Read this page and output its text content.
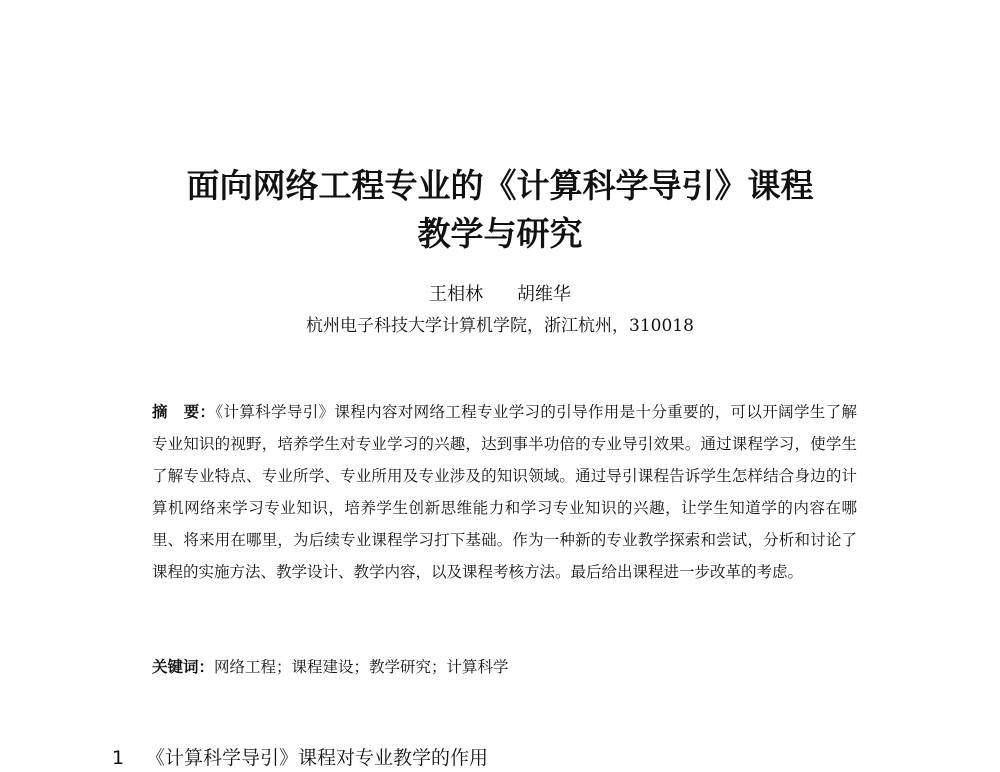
面向网络工程专业的《计算科学导引》课程
教学与研究
王相林 胡维华
杭州电子科技大学计算机学院，浙江杭州，310018
摘　要：《计算科学导引》课程内容对网络工程专业学习的引导作用是十分重要的，可以开阔学生了解专业知识的视野，培养学生对专业学习的兴趣，达到事半功倍的专业导引效果。通过课程学习，使学生了解专业特点、专业所学、专业所用及专业涉及的知识领域。通过导引课程告诉学生怎样结合身边的计算机网络来学习专业知识，培养学生创新思维能力和学习专业知识的兴趣，让学生知道学的内容在哪里、将来用在哪里，为后续专业课程学习打下基础。作为一种新的专业教学探索和尝试，分析和讨论了课程的实施方法、教学设计、教学内容，以及课程考核方法。最后给出课程进一步改革的考虑。
关键词：网络工程；课程建设；教学研究；计算科学
1 《计算科学导引》课程对专业教学的作用
